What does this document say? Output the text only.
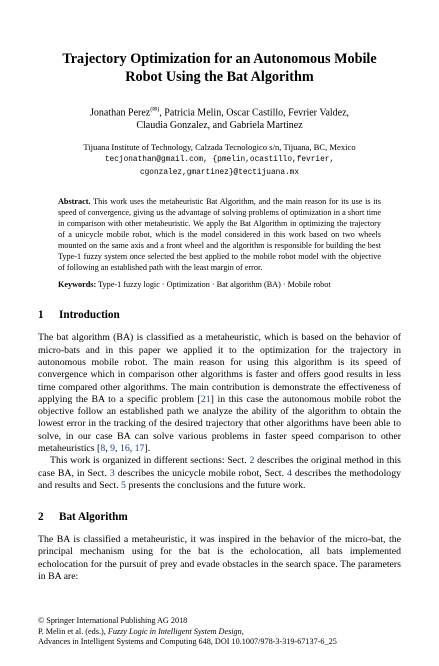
Trajectory Optimization for an Autonomous Mobile Robot Using the Bat Algorithm
Jonathan Perez(✉), Patricia Melin, Oscar Castillo, Fevrier Valdez,
Claudia Gonzalez, and Gabriela Martinez
Tijuana Institute of Technology, Calzada Tecnologico s/n, Tijuana, BC, Mexico
tecjonathan@gmail.com, {pmelin,ocastillo,fevrier,
cgonzalez,gmartinez}@tectijuana.mx
Abstract. This work uses the metaheuristic Bat Algorithm, and the main reason for its use is its speed of convergence, giving us the advantage of solving problems of optimization in a short time in comparison with other metaheuristic. We apply the Bat Algorithm in optimizing the trajectory of a unicycle mobile robot, which is the model considered in this work based on two wheels mounted on the same axis and a front wheel and the algorithm is responsible for building the best Type-1 fuzzy system once selected the best applied to the mobile robot model with the objective of following an established path with the least margin of error.
Keywords: Type-1 fuzzy logic · Optimization · Bat algorithm (BA) · Mobile robot
1 Introduction
The bat algorithm (BA) is classified as a metaheuristic, which is based on the behavior of micro-bats and in this paper we applied it to the optimization for the trajectory in autonomous mobile robot. The main reason for using this algorithm is its speed of convergence which in comparison other algorithms is faster and offers good results in less time compared other algorithms. The main contribution is demonstrate the effectiveness of applying the BA to a specific problem [21] in this case the autonomous mobile robot the objective follow an established path we analyze the ability of the algorithm to obtain the lowest error in the tracking of the desired trajectory that other algorithms have been able to solve, in our case BA can solve various problems in faster speed comparison to other metaheuristics [8, 9, 16, 17].
This work is organized in different sections: Sect. 2 describes the original method in this case BA, in Sect. 3 describes the unicycle mobile robot, Sect. 4 describes the methodology and results and Sect. 5 presents the conclusions and the future work.
2 Bat Algorithm
The BA is classified a metaheuristic, it was inspired in the behavior of the micro-bat, the principal mechanism using for the bat is the echolocation, all bats implemented echolocation for the pursuit of prey and evade obstacles in the search space. The parameters in BA are:
© Springer International Publishing AG 2018
P. Melin et al. (eds.), Fuzzy Logic in Intelligent System Design,
Advances in Intelligent Systems and Computing 648, DOI 10.1007/978-3-319-67137-6_25
